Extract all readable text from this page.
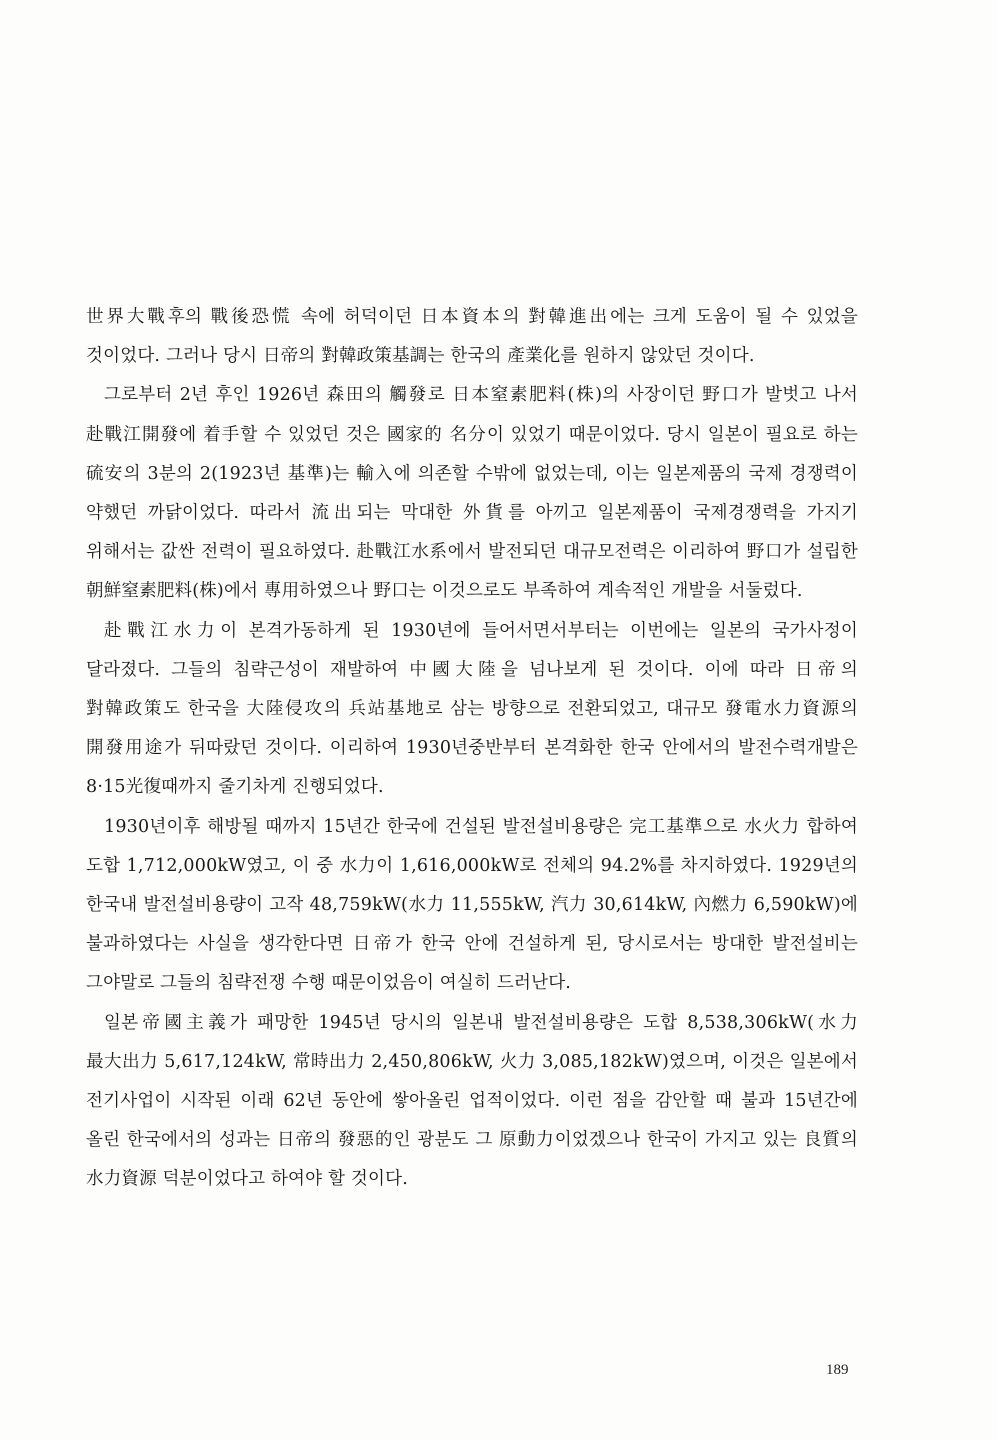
世界大戰후의 戰後恐慌 속에 허덕이던 日本資本의 對韓進出에는 크게 도움이 될 수 있었을 것이었다. 그러나 당시 日帝의 對韓政策基調는 한국의 產業化를 원하지 않았던 것이다.

그로부터 2년 후인 1926년 森田의 觸發로 日本窒素肥料(株)의 사장이던 野口가 발벗고 나서 赴戰江開發에 着手할 수 있었던 것은 國家的 名分이 있었기 때문이었다. 당시 일본이 필요로 하는 硫安의 3분의 2(1923년 基準)는 輸入에 의존할 수밖에 없었는데, 이는 일본제품의 국제 경쟁력이 약했던 까닭이었다. 따라서 流出되는 막대한 外貨를 아끼고 일본제품이 국제경쟁력을 가지기 위해서는 값싼 전력이 필요하였다. 赴戰江水系에서 발전되던 대규모전력은 이리하여 野口가 설립한 朝鮮窒素肥料(株)에서 專用하였으나 野口는 이것으로도 부족하여 계속적인 개발을 서둘렀다.

赴戰江水力이 본격가동하게 된 1930년에 들어서면서부터는 이번에는 일본의 국가사정이 달라졌다. 그들의 침략근성이 재발하여 中國大陸을 넘나보게 된 것이다. 이에 따라 日帝의 對韓政策도 한국을 大陸侵攻의 兵站基地로 삼는 방향으로 전환되었고, 대규모 發電水力資源의 開發用途가 뒤따랐던 것이다. 이리하여 1930년중반부터 본격화한 한국 안에서의 발전수력개발은 8·15光復때까지 줄기차게 진행되었다.

1930년이후 해방될 때까지 15년간 한국에 건설된 발전설비용량은 完工基準으로 水火力 합하여 도합 1,712,000kW였고, 이 중 水力이 1,616,000kW로 전체의 94.2%를 차지하였다. 1929년의 한국내 발전설비용량이 고작 48,759kW(水力 11,555kW, 汽力 30,614kW, 內燃力 6,590kW)에 불과하였다는 사실을 생각한다면 日帝가 한국 안에 건설하게 된, 당시로서는 방대한 발전설비는 그야말로 그들의 침략전쟁 수행 때문이었음이 여실히 드러난다.

일본帝國主義가 패망한 1945년 당시의 일본내 발전설비용량은 도합 8,538,306kW(水力 最大出力 5,617,124kW, 常時出力 2,450,806kW, 火力 3,085,182kW)였으며, 이것은 일본에서 전기사업이 시작된 이래 62년 동안에 쌓아올린 업적이었다. 이런 점을 감안할 때 불과 15년간에 올린 한국에서의 성과는 日帝의 發惡的인 광분도 그 原動力이었겠으나 한국이 가지고 있는 良質의 水力資源 덕분이었다고 하여야 할 것이다.

189
